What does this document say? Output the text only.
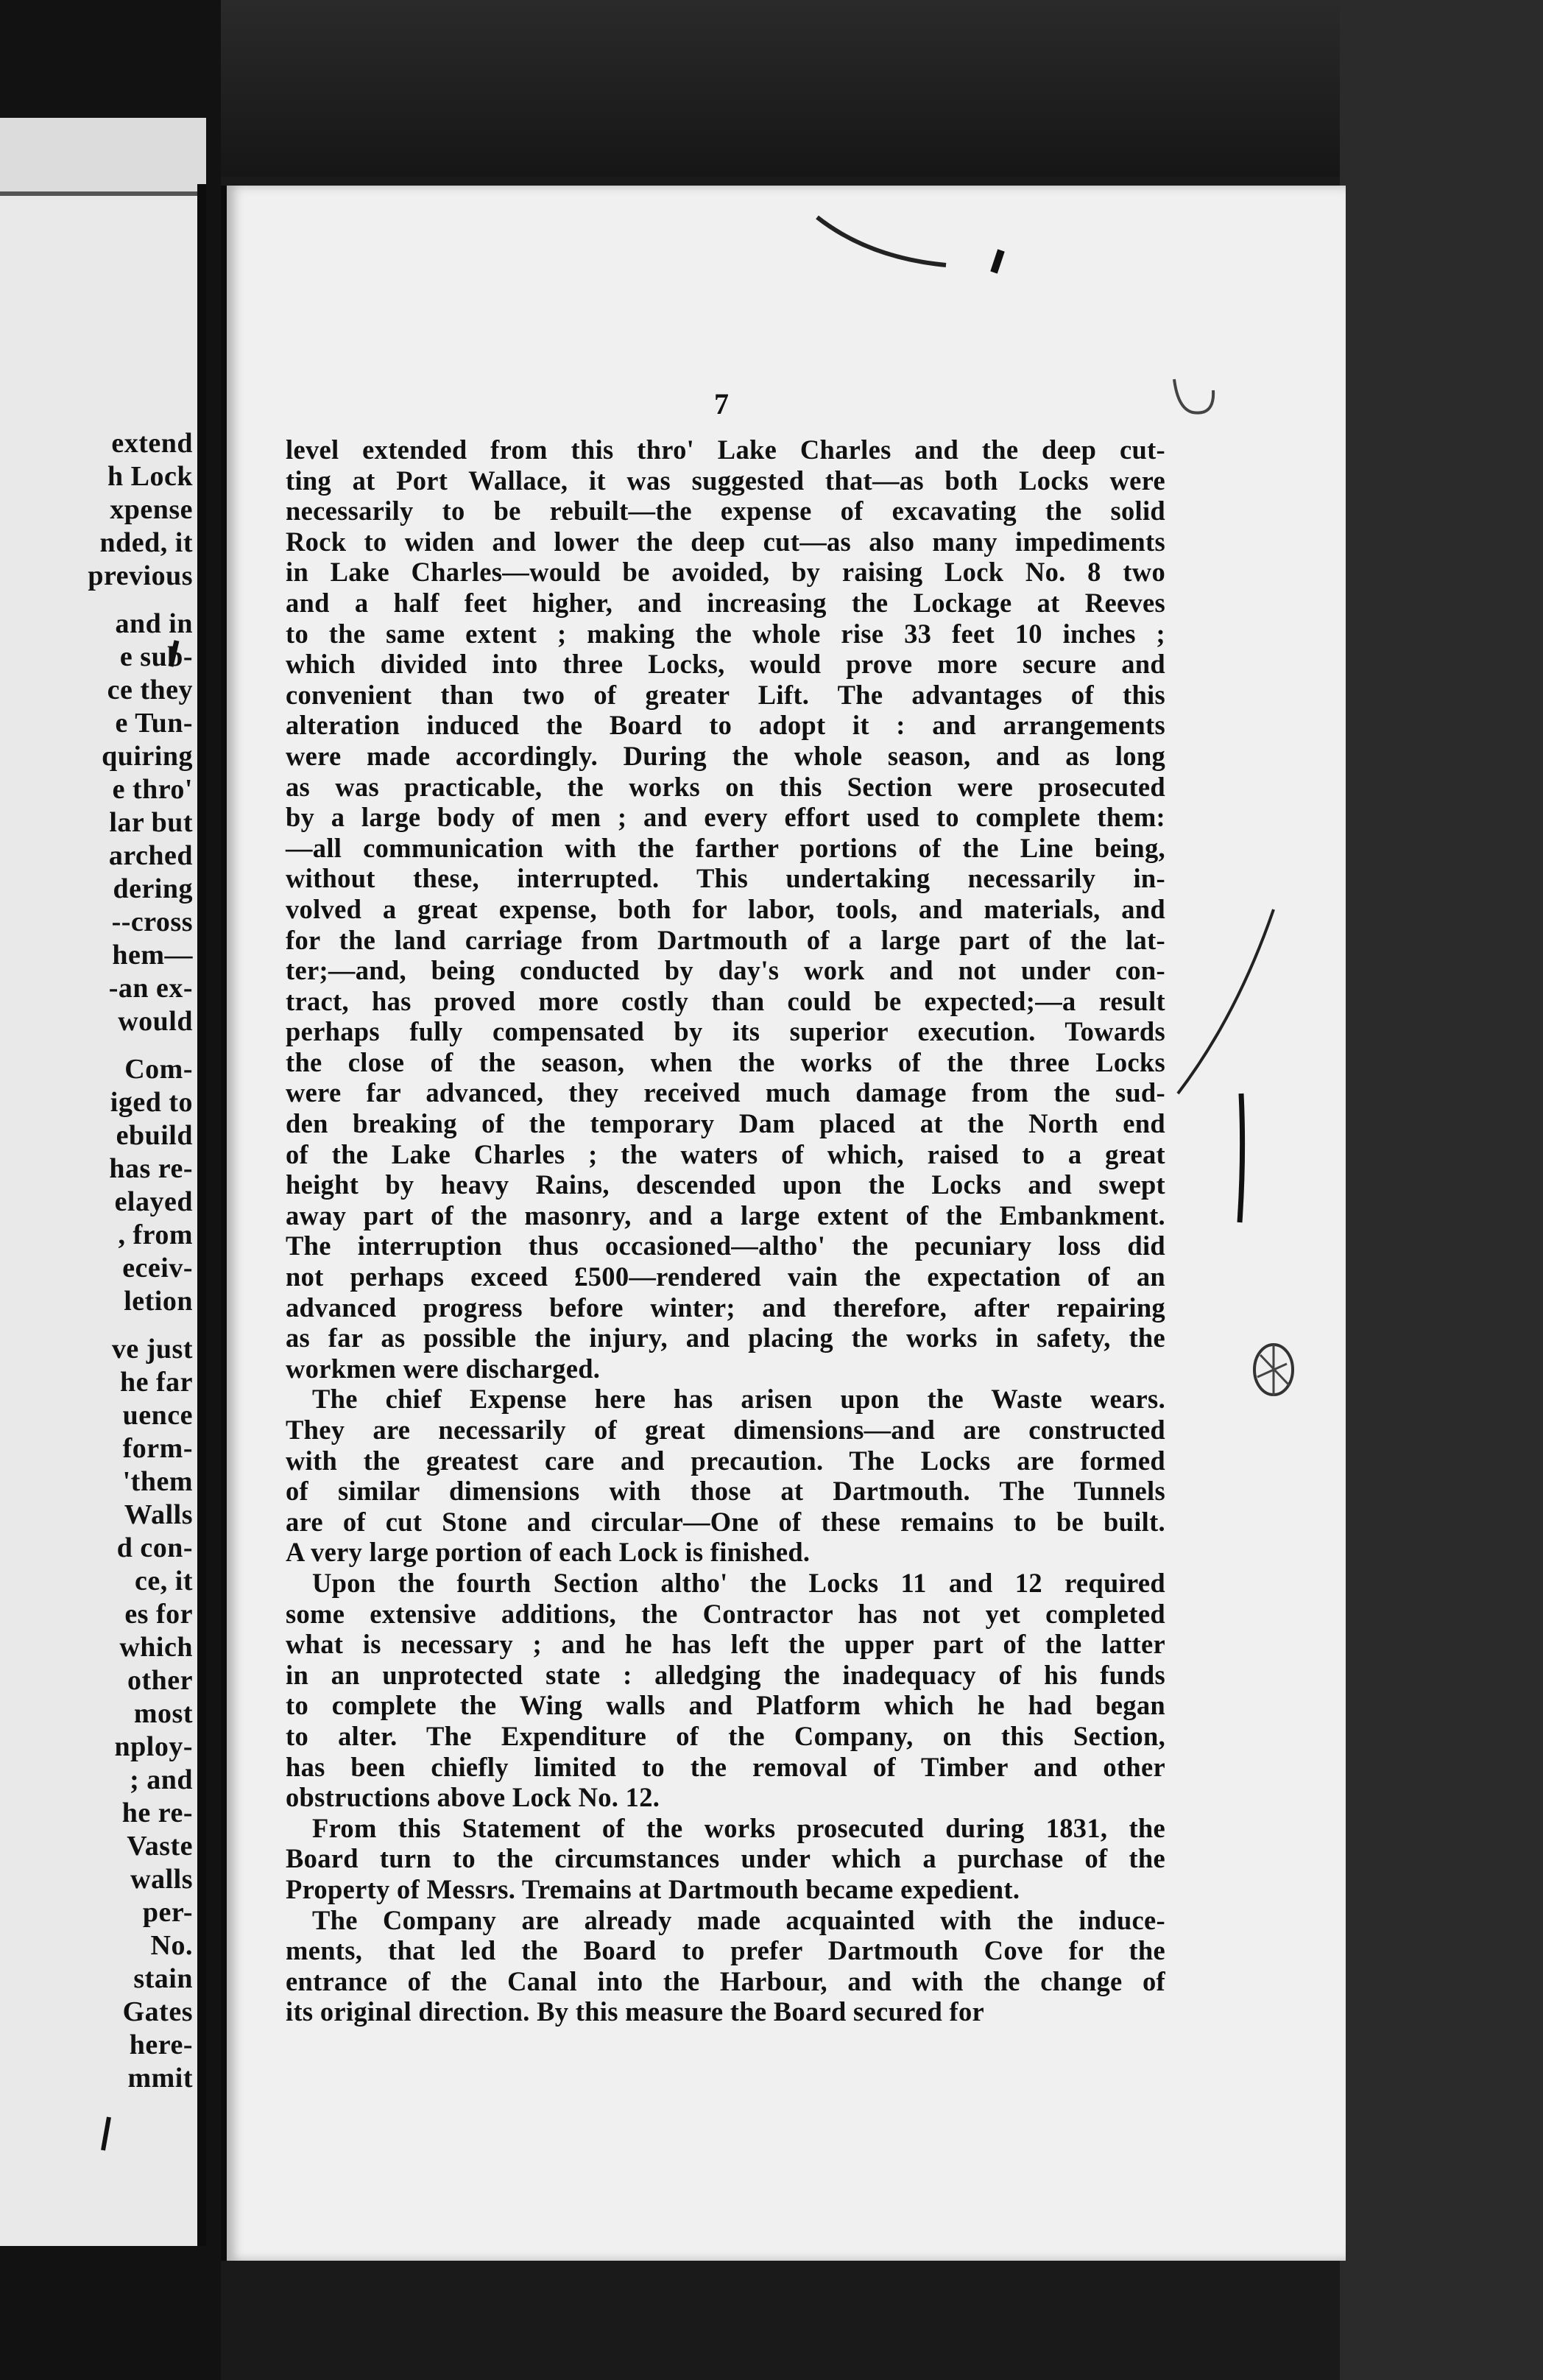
extend
h Lock
xpense
nded, it
previous
and in
e sub-
ce they
e Tun-
quiring
e thro'
lar but
arched
dering
--cross
hem—
-an ex-
would
Com-
iged to
ebuild
has re-
elayed
, from
eceiv-
letion
ve just
he far
uence
form-
'them
Walls
d con-
ce, it
es for
which
other
most
nploy-
; and
he re-
Vaste
walls
per-
No.
stain
Gates
here-
mmit
7
level extended from this thro' Lake Charles and the deep cut-
ting at Port Wallace, it was suggested that—as both Locks were
necessarily to be rebuilt—the expense of excavating the solid
Rock to widen and lower the deep cut—as also many impediments
in Lake Charles—would be avoided, by raising Lock No. 8 two
and a half feet higher, and increasing the Lockage at Reeves
to the same extent ; making the whole rise 33 feet 10 inches ;
which divided into three Locks, would prove more secure and
convenient than two of greater Lift. The advantages of this
alteration induced the Board to adopt it : and arrangements
were made accordingly. During the whole season, and as long
as was practicable, the works on this Section were prosecuted
by a large body of men ; and every effort used to complete them:
—all communication with the farther portions of the Line being,
without these, interrupted. This undertaking necessarily in-
volved a great expense, both for labor, tools, and materials, and
for the land carriage from Dartmouth of a large part of the lat-
ter;—and, being conducted by day's work and not under con-
tract, has proved more costly than could be expected;—a result
perhaps fully compensated by its superior execution. Towards
the close of the season, when the works of the three Locks
were far advanced, they received much damage from the sud-
den breaking of the temporary Dam placed at the North end
of the Lake Charles ; the waters of which, raised to a great
height by heavy Rains, descended upon the Locks and swept
away part of the masonry, and a large extent of the Embankment.
The interruption thus occasioned—altho' the pecuniary loss did
not perhaps exceed £500—rendered vain the expectation of an
advanced progress before winter; and therefore, after repairing
as far as possible the injury, and placing the works in safety, the
workmen were discharged.
The chief Expense here has arisen upon the Waste wears.
They are necessarily of great dimensions—and are constructed
with the greatest care and precaution. The Locks are formed
of similar dimensions with those at Dartmouth. The Tunnels
are of cut Stone and circular—One of these remains to be built.
A very large portion of each Lock is finished.
Upon the fourth Section altho' the Locks 11 and 12 required
some extensive additions, the Contractor has not yet completed
what is necessary ; and he has left the upper part of the latter
in an unprotected state : alledging the inadequacy of his funds
to complete the Wing walls and Platform which he had began
to alter. The Expenditure of the Company, on this Section,
has been chiefly limited to the removal of Timber and other
obstructions above Lock No. 12.
From this Statement of the works prosecuted during 1831, the
Board turn to the circumstances under which a purchase of the
Property of Messrs. Tremains at Dartmouth became expedient.
The Company are already made acquainted with the induce-
ments, that led the Board to prefer Dartmouth Cove for the
entrance of the Canal into the Harbour, and with the change of
its original direction. By this measure the Board secured for
